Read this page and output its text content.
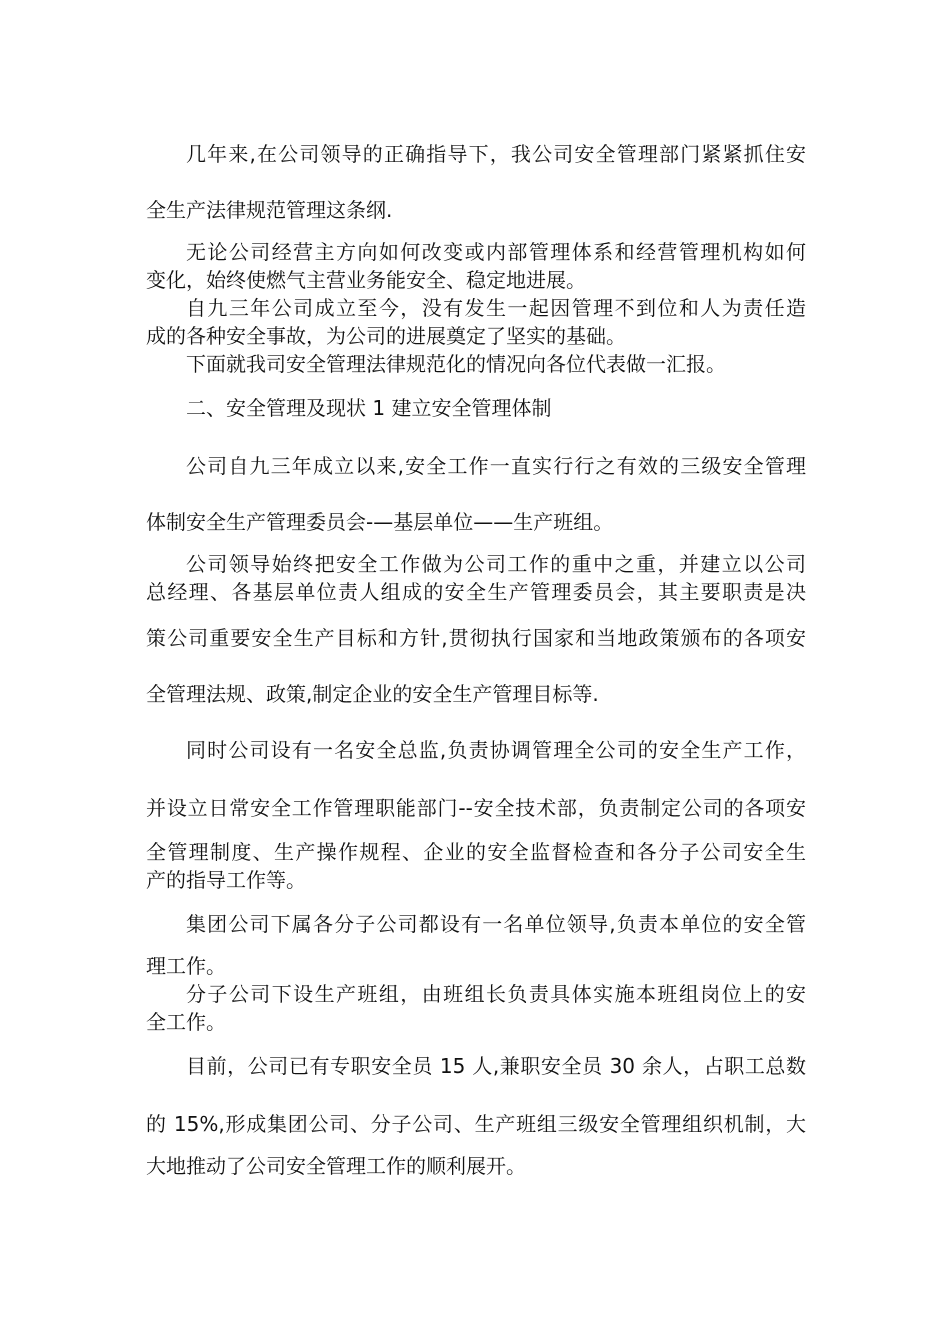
几年来,在公司领导的正确指导下，我公司安全管理部门紧紧抓住安
全生产法律规范管理这条纲.
无论公司经营主方向如何改变或内部管理体系和经营管理机构如何
变化，始终使燃气主营业务能安全、稳定地进展。
自九三年公司成立至今，没有发生一起因管理不到位和人为责任造
成的各种安全事故，为公司的进展奠定了坚实的基础。
下面就我司安全管理法律规范化的情况向各位代表做一汇报。
二、安全管理及现状 1 建立安全管理体制
公司自九三年成立以来,安全工作一直实行行之有效的三级安全管理
体制安全生产管理委员会-—基层单位——生产班组。
公司领导始终把安全工作做为公司工作的重中之重，并建立以公司
总经理、各基层单位责人组成的安全生产管理委员会，其主要职责是决
策公司重要安全生产目标和方针,贯彻执行国家和当地政策颁布的各项安
全管理法规、政策,制定企业的安全生产管理目标等.
同时公司设有一名安全总监,负责协调管理全公司的安全生产工作，
并设立日常安全工作管理职能部门--安全技术部，负责制定公司的各项安
全管理制度、生产操作规程、企业的安全监督检查和各分子公司安全生
产的指导工作等。
集团公司下属各分子公司都设有一名单位领导,负责本单位的安全管
理工作。
分子公司下设生产班组，由班组长负责具体实施本班组岗位上的安
全工作。
目前，公司已有专职安全员 15 人,兼职安全员 30 余人，占职工总数
的 15%,形成集团公司、分子公司、生产班组三级安全管理组织机制，大
大地推动了公司安全管理工作的顺利展开。
